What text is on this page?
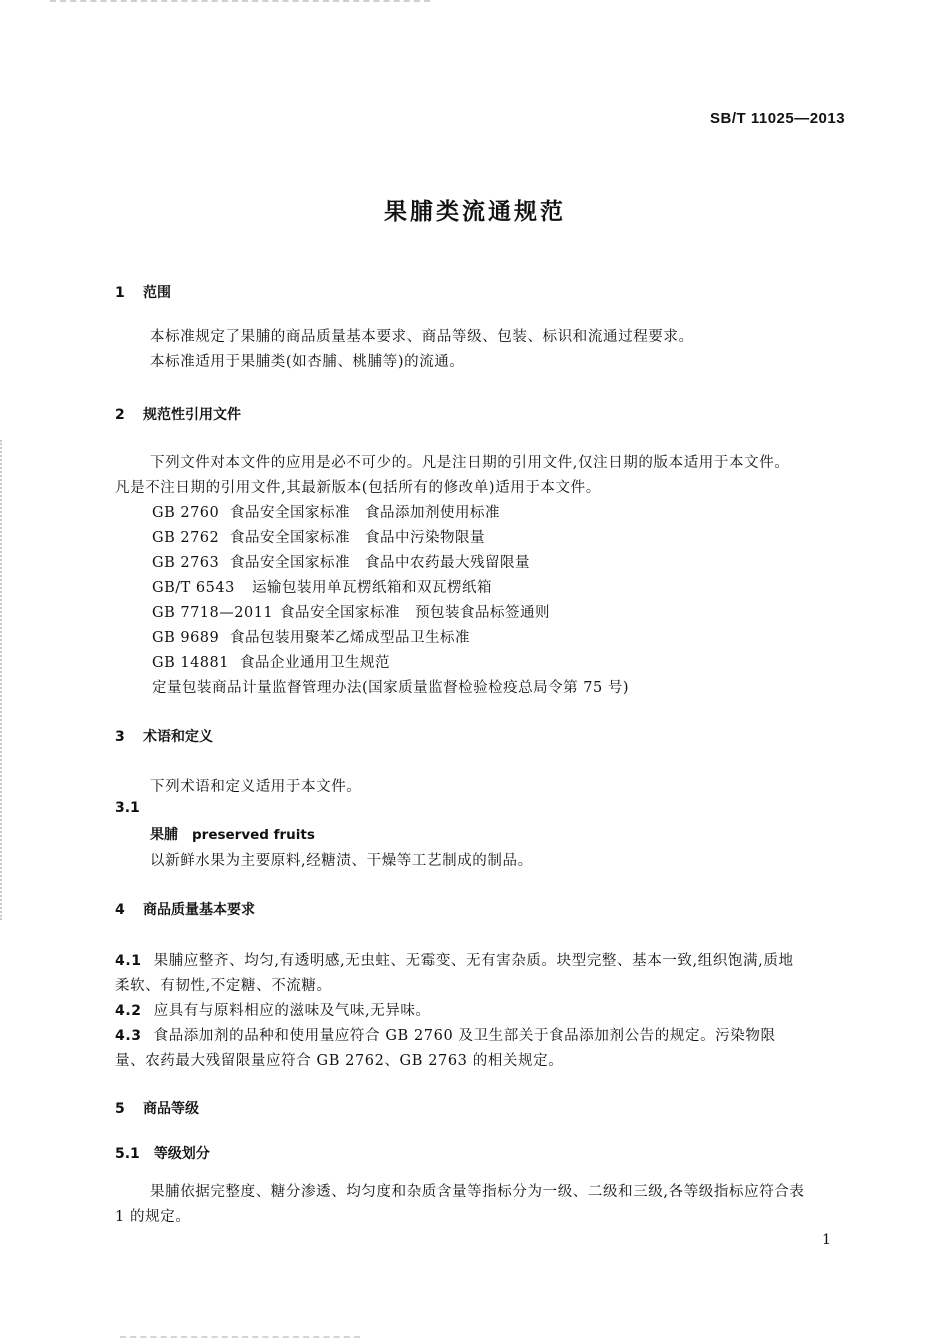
SB/T 11025—2013
果脯类流通规范
1 范围
本标准规定了果脯的商品质量基本要求、商品等级、包装、标识和流通过程要求。
本标准适用于果脯类(如杏脯、桃脯等)的流通。
2 规范性引用文件
下列文件对本文件的应用是必不可少的。凡是注日期的引用文件,仅注日期的版本适用于本文件。
凡是不注日期的引用文件,其最新版本(包括所有的修改单)适用于本文件。
GB 2760 食品安全国家标准　食品添加剂使用标准
GB 2762 食品安全国家标准　食品中污染物限量
GB 2763 食品安全国家标准　食品中农药最大残留限量
GB/T 6543 运输包装用单瓦楞纸箱和双瓦楞纸箱
GB 7718—2011 食品安全国家标准　预包装食品标签通则
GB 9689 食品包装用聚苯乙烯成型品卫生标准
GB 14881 食品企业通用卫生规范
定量包装商品计量监督管理办法(国家质量监督检验检疫总局令第 75 号)
3 术语和定义
下列术语和定义适用于本文件。
3.1
果脯 preserved fruits
以新鲜水果为主要原料,经糖渍、干燥等工艺制成的制品。
4 商品质量基本要求
4.1 果脯应整齐、均匀,有透明感,无虫蛀、无霉变、无有害杂质。块型完整、基本一致,组织饱满,质地
柔软、有韧性,不定糖、不流糖。
4.2 应具有与原料相应的滋味及气味,无异味。
4.3 食品添加剂的品种和使用量应符合 GB 2760 及卫生部关于食品添加剂公告的规定。污染物限
量、农药最大残留限量应符合 GB 2762、GB 2763 的相关规定。
5 商品等级
5.1 等级划分
果脯依据完整度、糖分渗透、均匀度和杂质含量等指标分为一级、二级和三级,各等级指标应符合表
1 的规定。
1
